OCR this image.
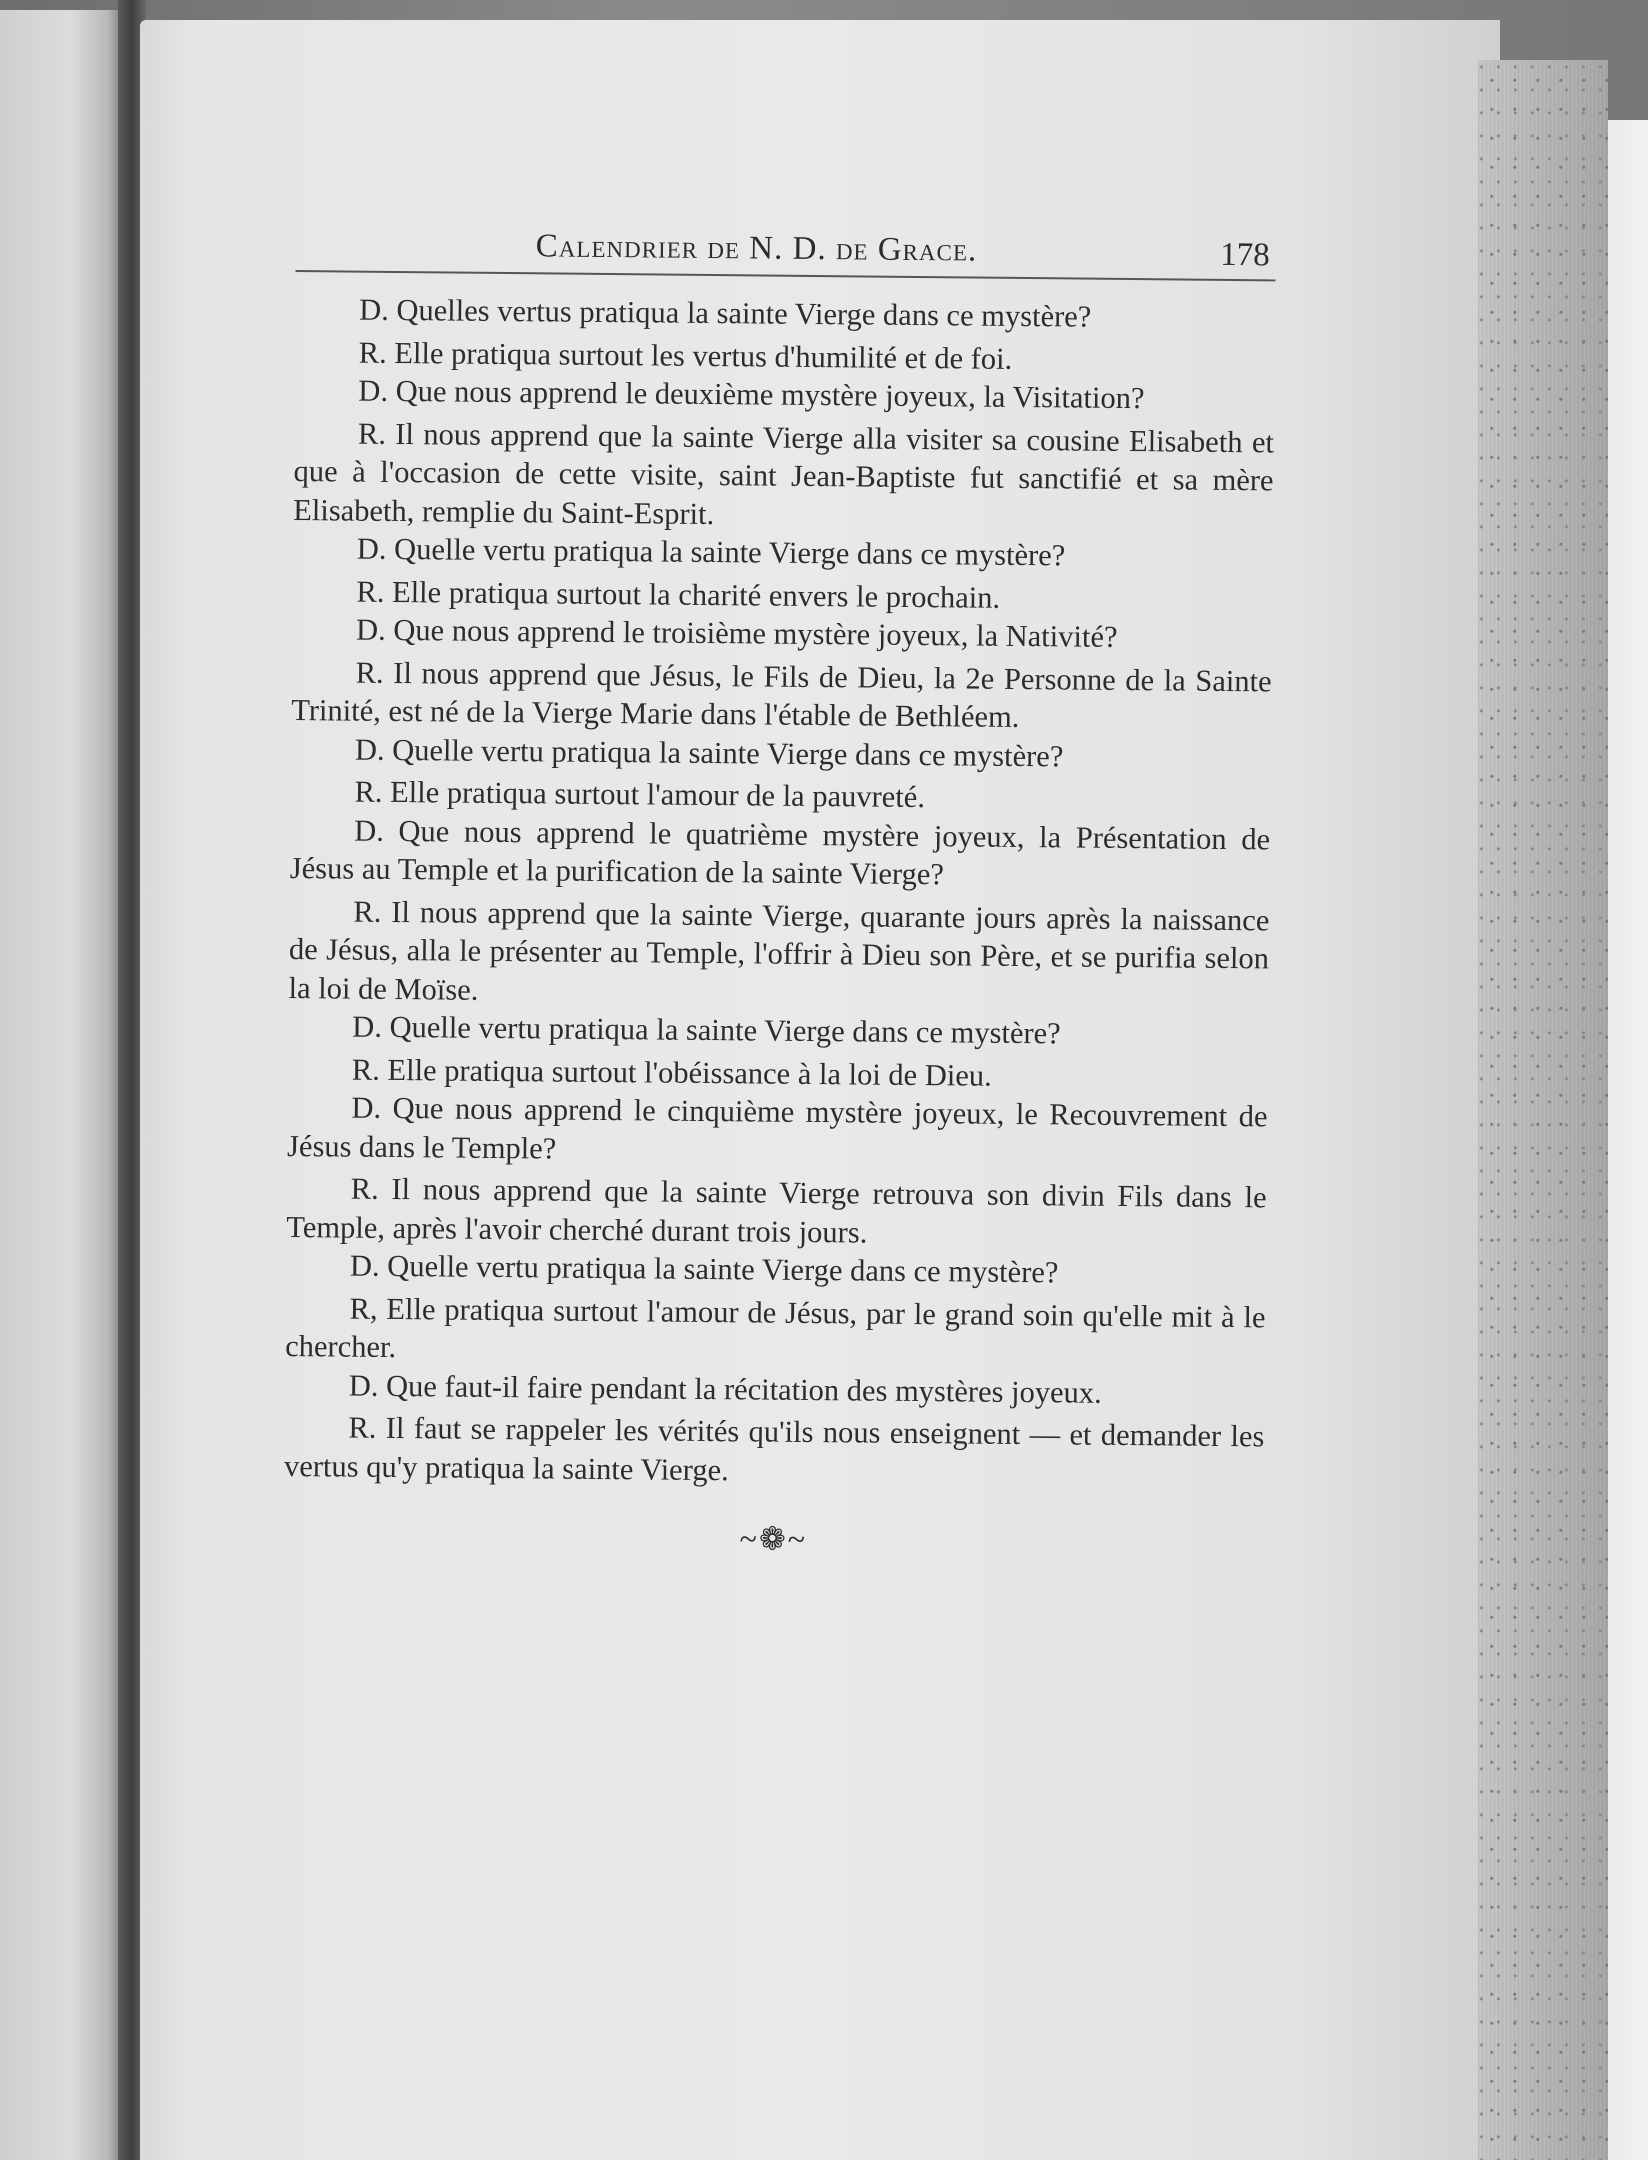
Calendrier de N. D. de Grace.	178

D. Quelles vertus pratiqua la sainte Vierge dans ce mystère?

R. Elle pratiqua surtout les vertus d'humilité et de foi.

D. Que nous apprend le deuxième mystère joyeux, la Visitation?

R. Il nous apprend que la sainte Vierge alla visiter sa cousine Elisabeth et que à l'occasion de cette visite, saint Jean-Baptiste fut sanctifié et sa mère Elisabeth, remplie du Saint-Esprit.

D. Quelle vertu pratiqua la sainte Vierge dans ce mystère?

R. Elle pratiqua surtout la charité envers le prochain.

D. Que nous apprend le troisième mystère joyeux, la Nativité?

R. Il nous apprend que Jésus, le Fils de Dieu, la 2e Personne de la Sainte Trinité, est né de la Vierge Marie dans l'étable de Bethléem.

D. Quelle vertu pratiqua la sainte Vierge dans ce mystère?

R. Elle pratiqua surtout l'amour de la pauvreté.

D. Que nous apprend le quatrième mystère joyeux, la Présentation de Jésus au Temple et la purification de la sainte Vierge?

R. Il nous apprend que la sainte Vierge, quarante jours après la naissance de Jésus, alla le présenter au Temple, l'offrir à Dieu son Père, et se purifia selon la loi de Moïse.

D. Quelle vertu pratiqua la sainte Vierge dans ce mystère?

R. Elle pratiqua surtout l'obéissance à la loi de Dieu.

D. Que nous apprend le cinquième mystère joyeux, le Recouvrement de Jésus dans le Temple?

R. Il nous apprend que la sainte Vierge retrouva son divin Fils dans le Temple, après l'avoir cherché durant trois jours.

D. Quelle vertu pratiqua la sainte Vierge dans ce mystère?

R, Elle pratiqua surtout l'amour de Jésus, par le grand soin qu'elle mit à le chercher.

D. Que faut-il faire pendant la récitation des mystères joyeux.

R. Il faut se rappeler les vérités qu'ils nous enseignent — et demander les vertus qu'y pratiqua la sainte Vierge.

~❁~
